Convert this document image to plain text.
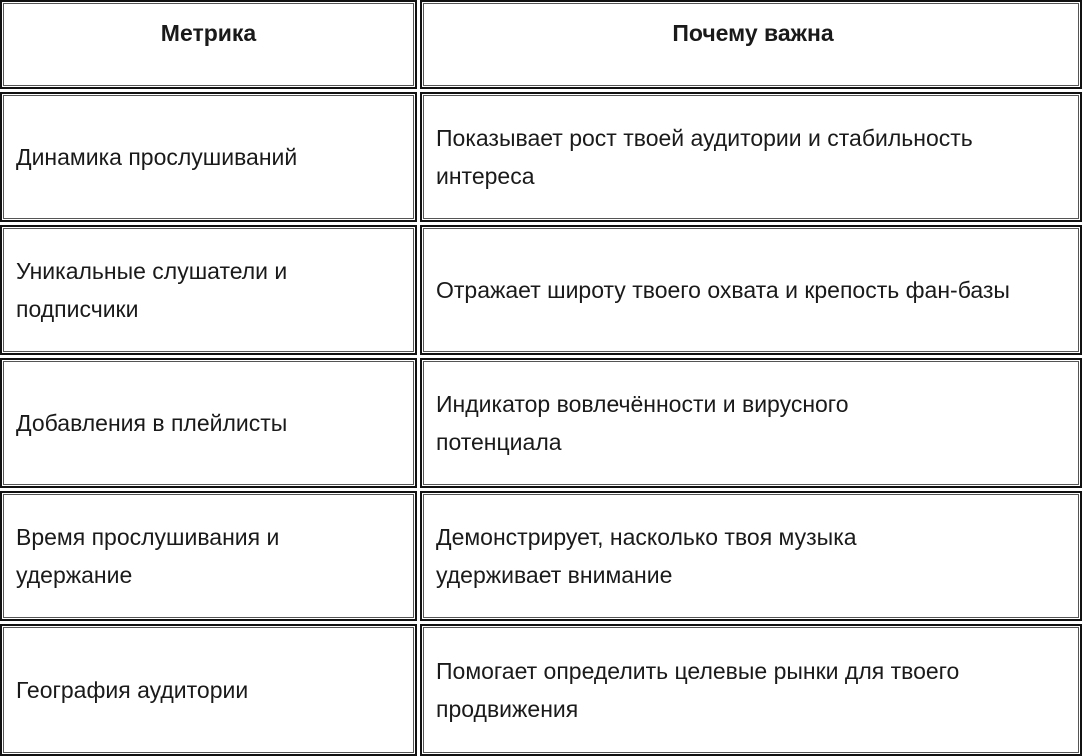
Метрика	Почему важна
Динамика прослушиваний
Показывает рост твоей аудитории и стабильность интереса
Уникальные слушатели и подписчики
Отражает широту твоего охвата и крепость фан-базы
Добавления в плейлисты
Индикатор вовлечённости и вирусного потенциала
Время прослушивания и удержание
Демонстрирует, насколько твоя музыка удерживает внимание
География аудитории
Помогает определить целевые рынки для твоего продвижения
